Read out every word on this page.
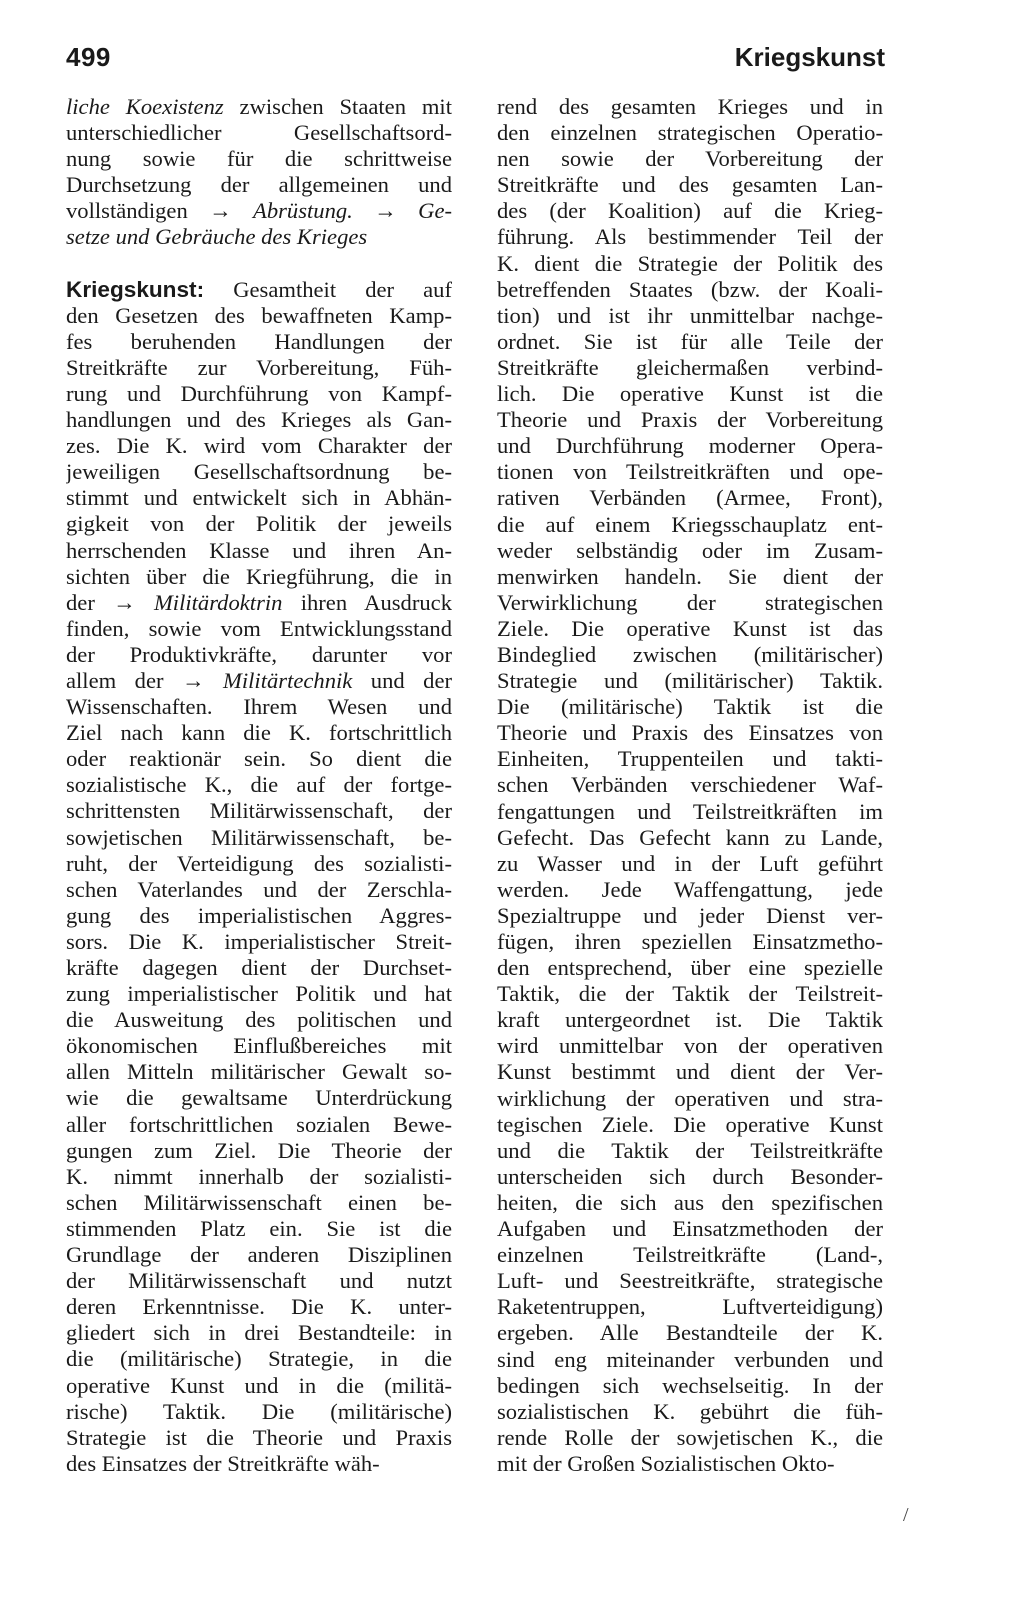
499	Kriegskunst

liche Koexistenz zwischen Staaten mit
unterschiedlicher Gesellschaftsord-
nung sowie für die schrittweise
Durchsetzung der allgemeinen und
vollständigen → Abrüstung. → Ge-
setze und Gebräuche des Krieges

Kriegskunst: Gesamtheit der auf
den Gesetzen des bewaffneten Kamp-
fes beruhenden Handlungen der
Streitkräfte zur Vorbereitung, Füh-
rung und Durchführung von Kampf-
handlungen und des Krieges als Gan-
zes. Die K. wird vom Charakter der
jeweiligen Gesellschaftsordnung be-
stimmt und entwickelt sich in Abhän-
gigkeit von der Politik der jeweils
herrschenden Klasse und ihren An-
sichten über die Kriegführung, die in
der → Militärdoktrin ihren Ausdruck
finden, sowie vom Entwicklungsstand
der Produktivkräfte, darunter vor
allem der → Militärtechnik und der
Wissenschaften. Ihrem Wesen und
Ziel nach kann die K. fortschrittlich
oder reaktionär sein. So dient die
sozialistische K., die auf der fortge-
schrittensten Militärwissenschaft, der
sowjetischen Militärwissenschaft, be-
ruht, der Verteidigung des sozialisti-
schen Vaterlandes und der Zerschla-
gung des imperialistischen Aggres-
sors. Die K. imperialistischer Streit-
kräfte dagegen dient der Durchset-
zung imperialistischer Politik und hat
die Ausweitung des politischen und
ökonomischen Einflußbereiches mit
allen Mitteln militärischer Gewalt so-
wie die gewaltsame Unterdrückung
aller fortschrittlichen sozialen Bewe-
gungen zum Ziel. Die Theorie der
K. nimmt innerhalb der sozialisti-
schen Militärwissenschaft einen be-
stimmenden Platz ein. Sie ist die
Grundlage der anderen Disziplinen
der Militärwissenschaft und nutzt
deren Erkenntnisse. Die K. unter-
gliedert sich in drei Bestandteile: in
die (militärische) Strategie, in die
operative Kunst und in die (militä-
rische) Taktik. Die (militärische)
Strategie ist die Theorie und Praxis
des Einsatzes der Streitkräfte wäh-

rend des gesamten Krieges und in
den einzelnen strategischen Operatio-
nen sowie der Vorbereitung der
Streitkräfte und des gesamten Lan-
des (der Koalition) auf die Krieg-
führung. Als bestimmender Teil der
K. dient die Strategie der Politik des
betreffenden Staates (bzw. der Koali-
tion) und ist ihr unmittelbar nachge-
ordnet. Sie ist für alle Teile der
Streitkräfte gleichermaßen verbind-
lich. Die operative Kunst ist die
Theorie und Praxis der Vorbereitung
und Durchführung moderner Opera-
tionen von Teilstreitkräften und ope-
rativen Verbänden (Armee, Front),
die auf einem Kriegsschauplatz ent-
weder selbständig oder im Zusam-
menwirken handeln. Sie dient der
Verwirklichung der strategischen
Ziele. Die operative Kunst ist das
Bindeglied zwischen (militärischer)
Strategie und (militärischer) Taktik.
Die (militärische) Taktik ist die
Theorie und Praxis des Einsatzes von
Einheiten, Truppenteilen und takti-
schen Verbänden verschiedener Waf-
fengattungen und Teilstreitkräften im
Gefecht. Das Gefecht kann zu Lande,
zu Wasser und in der Luft geführt
werden. Jede Waffengattung, jede
Spezialtruppe und jeder Dienst ver-
fügen, ihren speziellen Einsatzmetho-
den entsprechend, über eine spezielle
Taktik, die der Taktik der Teilstreit-
kraft untergeordnet ist. Die Taktik
wird unmittelbar von der operativen
Kunst bestimmt und dient der Ver-
wirklichung der operativen und stra-
tegischen Ziele. Die operative Kunst
und die Taktik der Teilstreitkräfte
unterscheiden sich durch Besonder-
heiten, die sich aus den spezifischen
Aufgaben und Einsatzmethoden der
einzelnen Teilstreitkräfte (Land-,
Luft- und Seestreitkräfte, strategische
Raketentruppen, Luftverteidigung)
ergeben. Alle Bestandteile der K.
sind eng miteinander verbunden und
bedingen sich wechselseitig. In der
sozialistischen K. gebührt die füh-
rende Rolle der sowjetischen K., die
mit der Großen Sozialistischen Okto-

/
